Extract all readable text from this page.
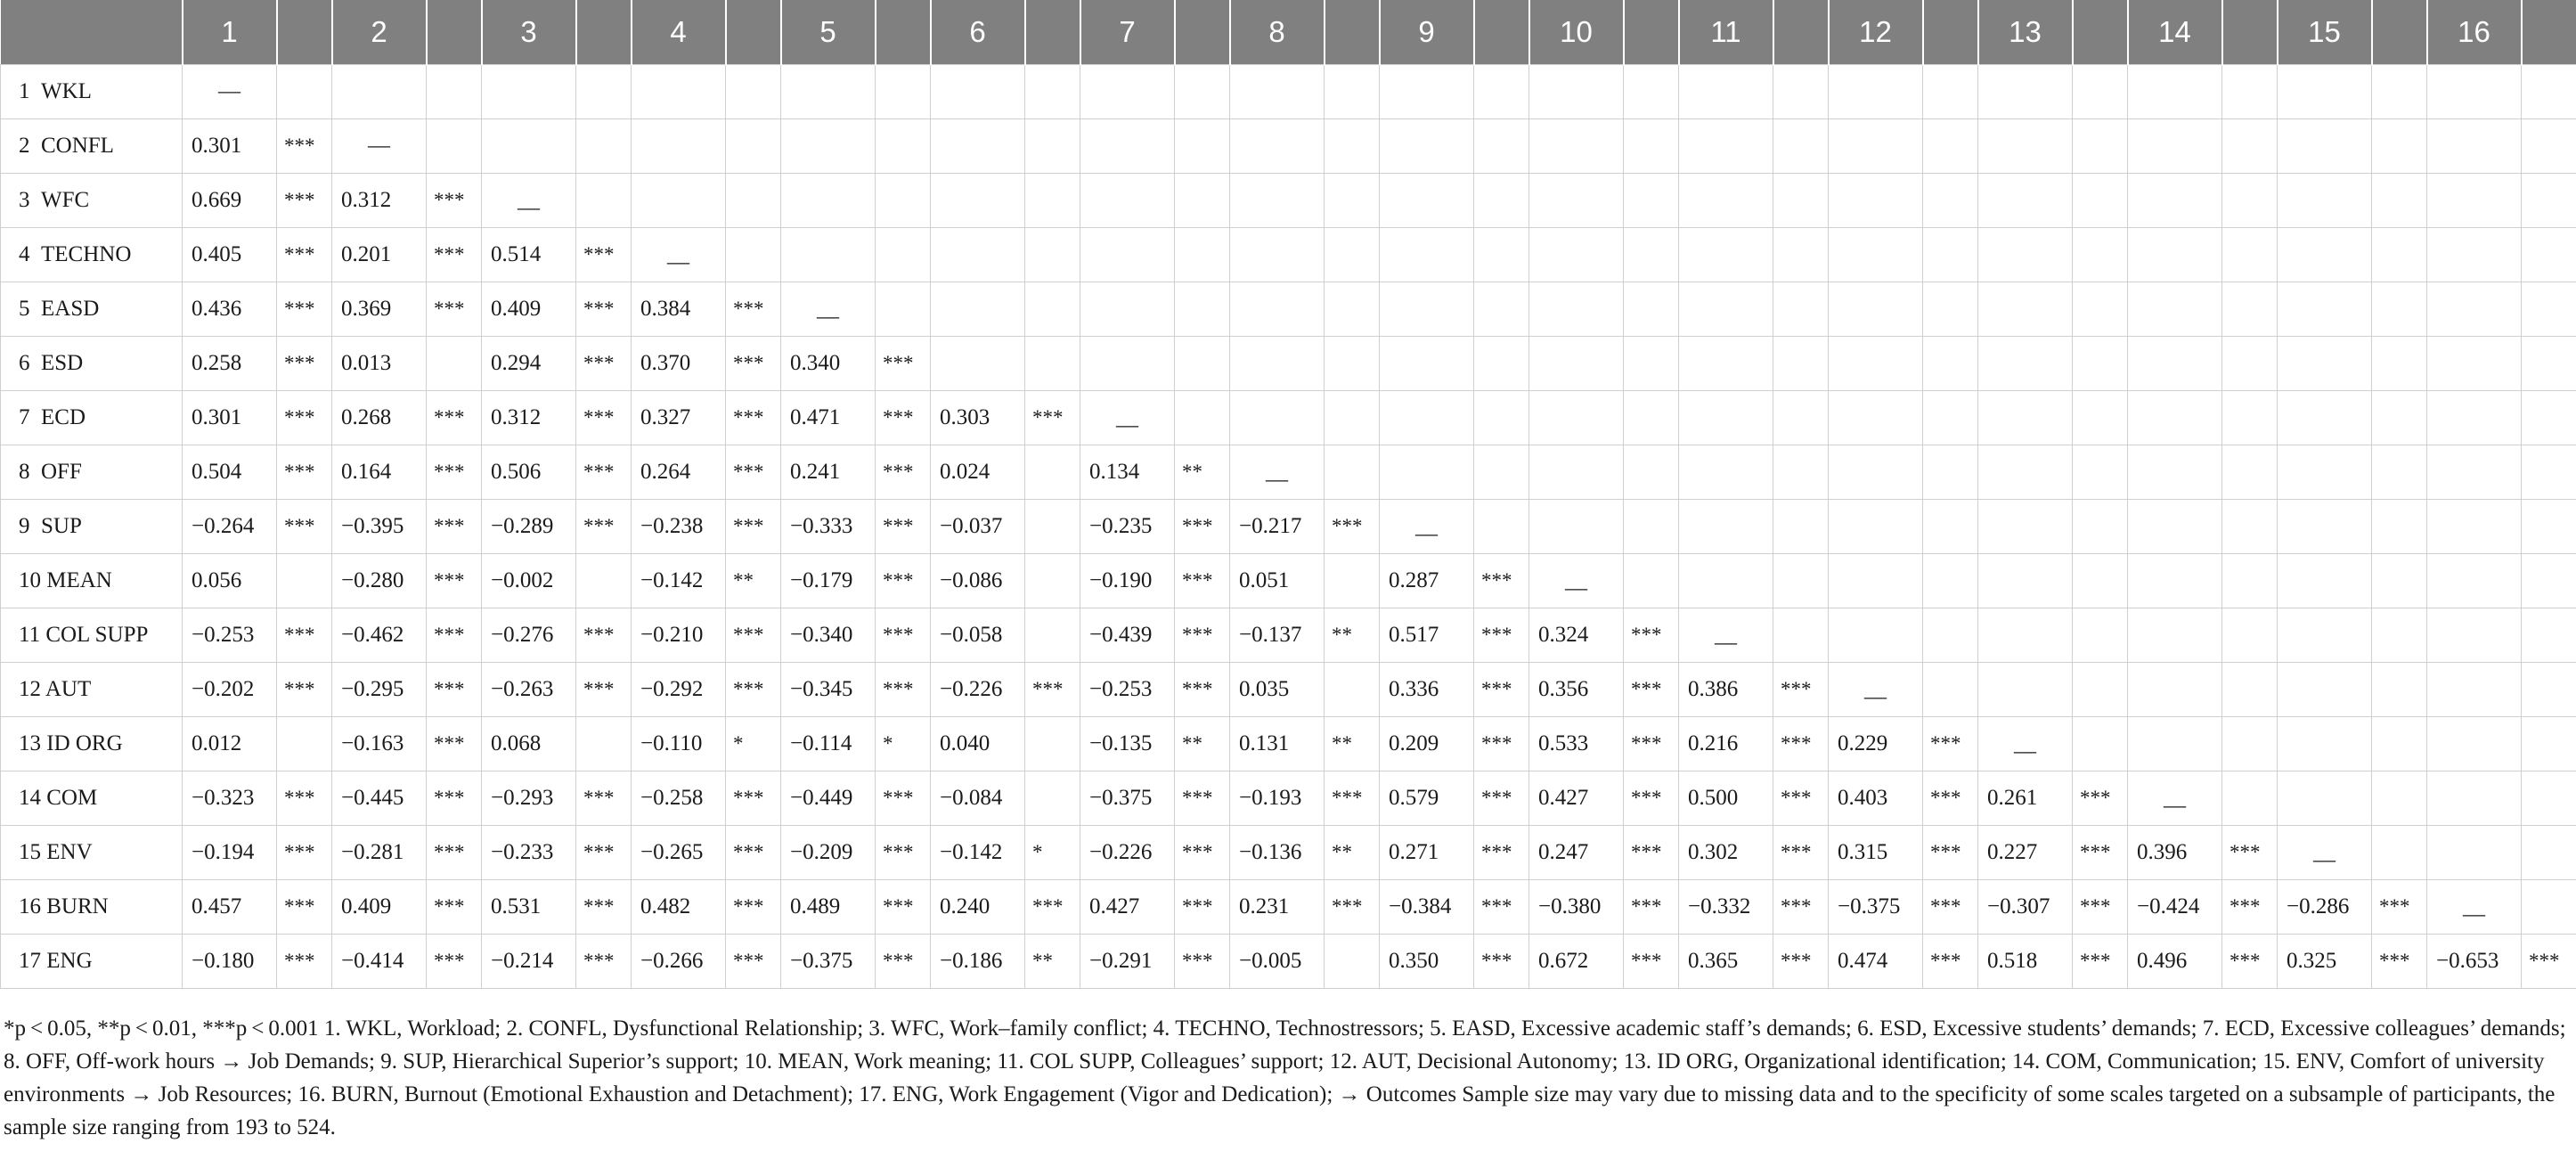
	1		2		3		4		5		6		7		8		9		10		11		12		13		14		15		16	
1  WKL	—																															
2  CONFL	0.301	***	—																													
3  WFC	0.669	***	0.312	***	__																											
4  TECHNO	0.405	***	0.201	***	0.514	***	__																									
5  EASD	0.436	***	0.369	***	0.409	***	0.384	***	__																							
6  ESD	0.258	***	0.013		0.294	***	0.370	***	0.340	***																						
7  ECD	0.301	***	0.268	***	0.312	***	0.327	***	0.471	***	0.303	***	__																			
8  OFF	0.504	***	0.164	***	0.506	***	0.264	***	0.241	***	0.024		0.134	**	__																	
9  SUP	−0.264	***	−0.395	***	−0.289	***	−0.238	***	−0.333	***	−0.037		−0.235	***	−0.217	***	__															
10 MEAN	0.056		−0.280	***	−0.002		−0.142	**	−0.179	***	−0.086		−0.190	***	0.051		0.287	***	__													
11 COL SUPP	−0.253	***	−0.462	***	−0.276	***	−0.210	***	−0.340	***	−0.058		−0.439	***	−0.137	**	0.517	***	0.324	***	__											
12 AUT	−0.202	***	−0.295	***	−0.263	***	−0.292	***	−0.345	***	−0.226	***	−0.253	***	0.035		0.336	***	0.356	***	0.386	***	__									
13 ID ORG	0.012		−0.163	***	0.068		−0.110	*	−0.114	*	0.040		−0.135	**	0.131	**	0.209	***	0.533	***	0.216	***	0.229	***	__							
14 COM	−0.323	***	−0.445	***	−0.293	***	−0.258	***	−0.449	***	−0.084		−0.375	***	−0.193	***	0.579	***	0.427	***	0.500	***	0.403	***	0.261	***	__					
15 ENV	−0.194	***	−0.281	***	−0.233	***	−0.265	***	−0.209	***	−0.142	*	−0.226	***	−0.136	**	0.271	***	0.247	***	0.302	***	0.315	***	0.227	***	0.396	***	__			
16 BURN	0.457	***	0.409	***	0.531	***	0.482	***	0.489	***	0.240	***	0.427	***	0.231	***	−0.384	***	−0.380	***	−0.332	***	−0.375	***	−0.307	***	−0.424	***	−0.286	***	__	
17 ENG	−0.180	***	−0.414	***	−0.214	***	−0.266	***	−0.375	***	−0.186	**	−0.291	***	−0.005		0.350	***	0.672	***	0.365	***	0.474	***	0.518	***	0.496	***	0.325	***	−0.653	***
*p < 0.05, **p < 0.01, ***p < 0.001 1. WKL, Workload; 2. CONFL, Dysfunctional Relationship; 3. WFC, Work–family conflict; 4. TECHNO, Technostressors; 5. EASD, Excessive academic staff’s demands; 6. ESD, Excessive students’ demands; 7. ECD, Excessive colleagues’ demands; 8. OFF, Off-work hours → Job Demands; 9. SUP, Hierarchical Superior’s support; 10. MEAN, Work meaning; 11. COL SUPP, Colleagues’ support; 12. AUT, Decisional Autonomy; 13. ID ORG, Organizational identification; 14. COM, Communication; 15. ENV, Comfort of university environments → Job Resources; 16. BURN, Burnout (Emotional Exhaustion and Detachment); 17. ENG, Work Engagement (Vigor and Dedication); → Outcomes Sample size may vary due to missing data and to the specificity of some scales targeted on a subsample of participants, the sample size ranging from 193 to 524.
